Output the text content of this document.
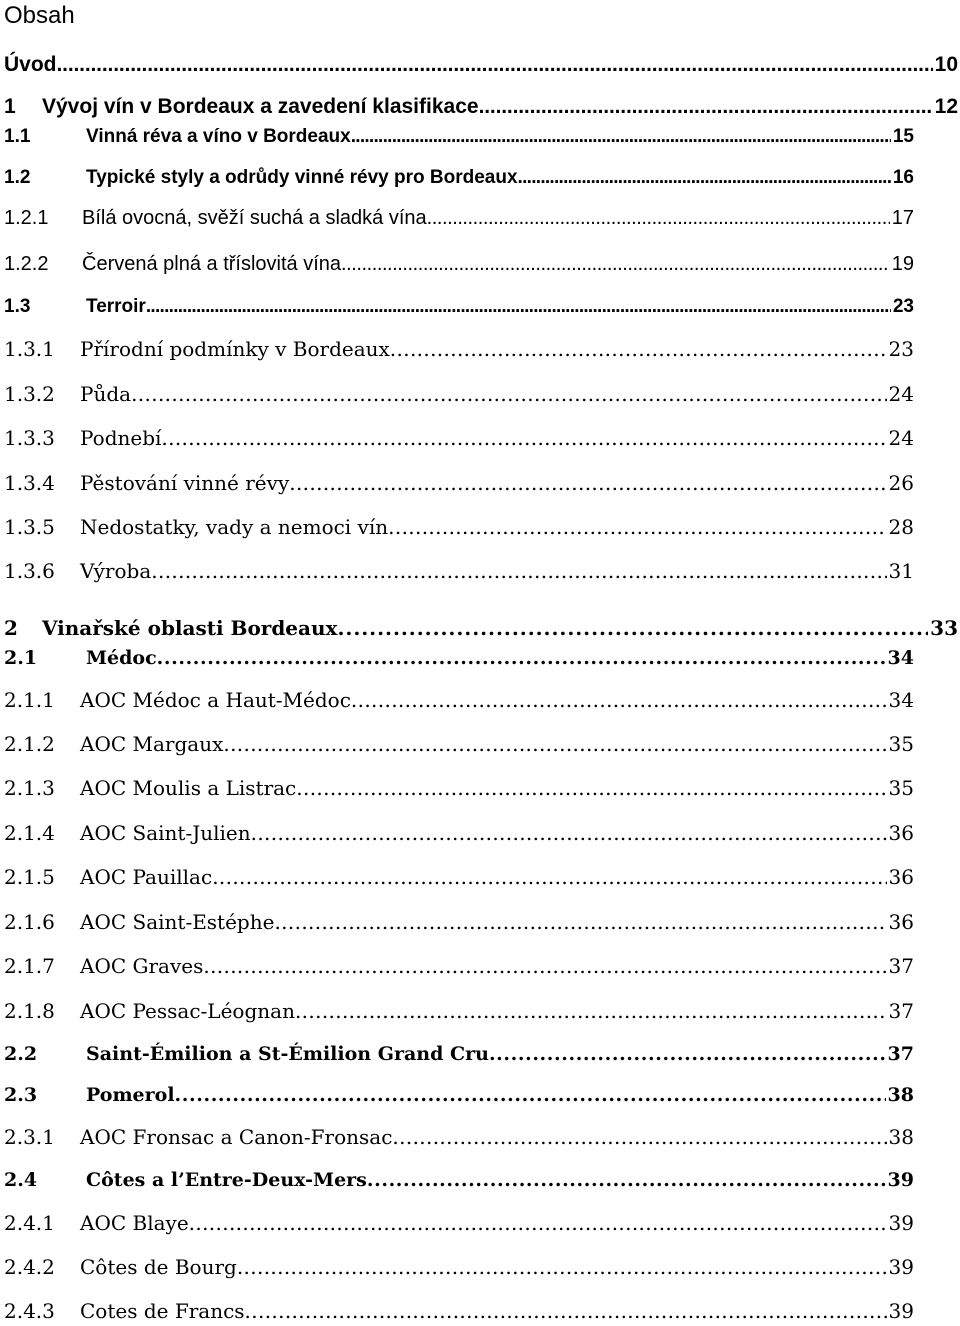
Obsah
Úvod . . .	10
1	Vývoj vín v Bordeaux a zavedení klasifikace . . .	12
1.1	Vinná réva a víno v Bordeaux . . .	15
1.2	Typické styly a odrůdy vinné révy pro Bordeaux . . .	16
1.2.1	Bílá ovocná, svěží suchá a sladká vína . . .	17
1.2.2	Červená plná a tříslovitá vína . . .	19
1.3	Terroir . . .	23
1.3.1	Přírodní podmínky v Bordeaux . . .	23
1.3.2	Půda . . .	24
1.3.3	Podnebí . . .	24
1.3.4	Pěstování vinné révy . . .	26
1.3.5	Nedostatky, vady a nemoci vín . . .	28
1.3.6	Výroba . . .	31
2	Vinařské oblasti Bordeaux . . .	33
2.1	Médoc . . .	34
2.1.1	AOC Médoc a Haut-Médoc . . .	34
2.1.2	AOC Margaux . . .	35
2.1.3	AOC Moulis a Listrac . . .	35
2.1.4	AOC Saint-Julien . . .	36
2.1.5	AOC Pauillac . . .	36
2.1.6	AOC Saint-Estéphe . . .	36
2.1.7	AOC Graves . . .	37
2.1.8	AOC Pessac-Léognan . . .	37
2.2	Saint-Émilion a St-Émilion Grand Cru . . .	37
2.3	Pomerol . . .	38
2.3.1	AOC Fronsac a Canon-Fronsac . . .	38
2.4	Côtes a l’Entre-Deux-Mers . . .	39
2.4.1	AOC Blaye . . .	39
2.4.2	Côtes de Bourg . . .	39
2.4.3	Cotes de Francs . . .	39
